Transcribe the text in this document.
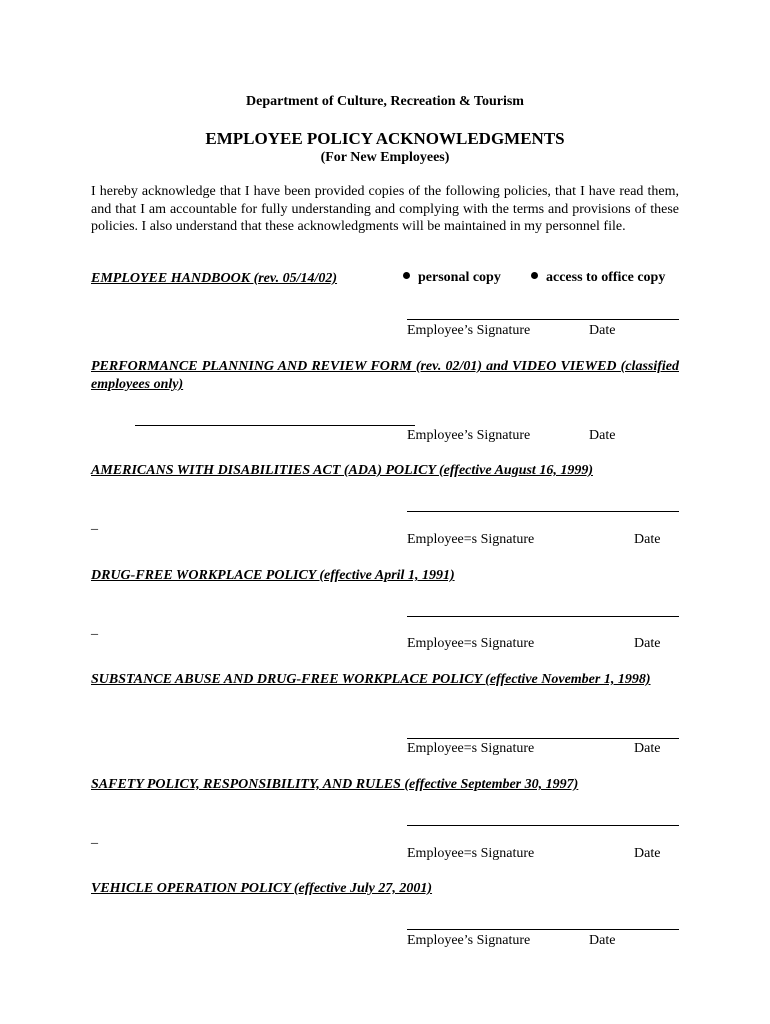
Department of Culture, Recreation & Tourism
EMPLOYEE POLICY ACKNOWLEDGMENTS
(For New Employees)
I hereby acknowledge that I have been provided copies of the following policies, that I have read them, and that I am accountable for fully understanding and complying with the terms and provisions of these policies. I also understand that these acknowledgments will be maintained in my personnel file.
EMPLOYEE HANDBOOK (rev. 05/14/02)	personal copy	access to office copy
Employee’s Signature	Date
PERFORMANCE PLANNING AND REVIEW FORM (rev. 02/01) and VIDEO VIEWED (classified employees only)
Employee’s Signature	Date
AMERICANS WITH DISABILITIES ACT (ADA) POLICY (effective August 16, 1999)
_
Employee=s Signature	Date
DRUG-FREE WORKPLACE POLICY (effective April 1, 1991)
_
Employee=s Signature	Date
SUBSTANCE ABUSE AND DRUG-FREE WORKPLACE POLICY (effective November 1, 1998)
Employee=s Signature	Date
SAFETY POLICY, RESPONSIBILITY, AND RULES (effective September 30, 1997)
_
Employee=s Signature	Date
VEHICLE OPERATION POLICY (effective July 27, 2001)
Employee’s Signature	Date
